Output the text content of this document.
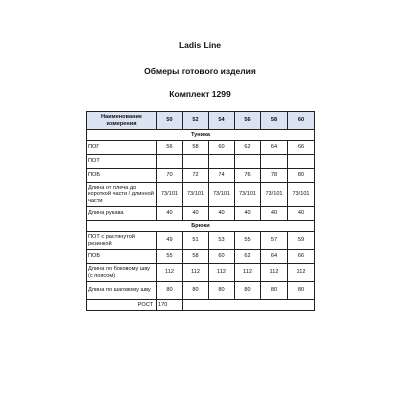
Ladis Line
Обмеры готового изделия
Комплект 1299
Наименование измерения	50	52	54	56	58	60
Туника						
ПОГ	56	58	60	62	64	66
ПОТ						
ПОБ	70	72	74	76	78	80
Длина от плеча до короткой части / длинной части	73/101	73/101	73/101	73/101	73/101	73/101
Длина рукава	40	40	40	40	40	40
Брюки						
ПОТ с растянутой резинкой	49	51	53	55	57	59
ПОБ	55	58	60	62	64	66
Длина по боковому шву (с поясом)	112	112	112	112	112	112
Длина по шаговому шву	80	80	80	80	80	80
РОСТ	170					
